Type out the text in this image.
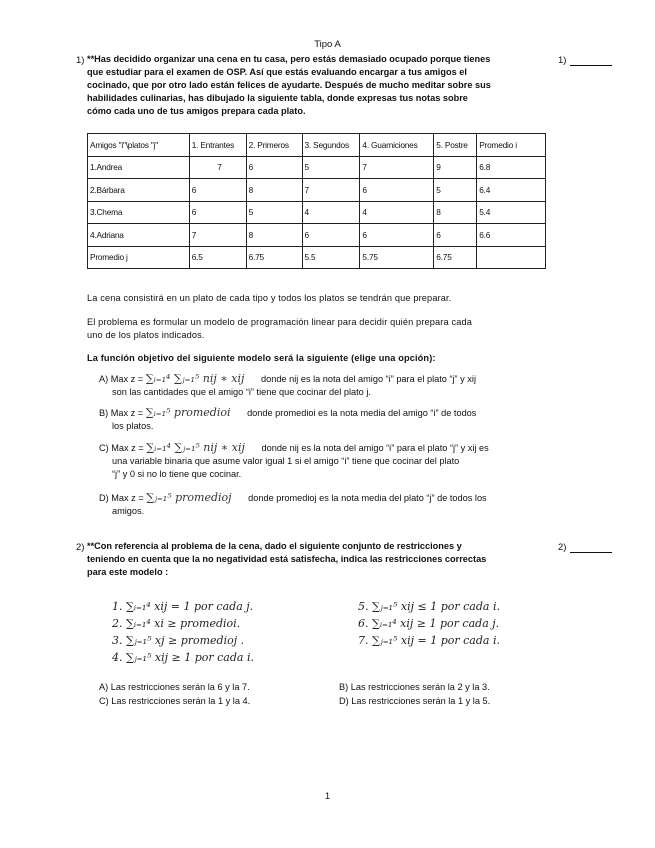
Tipo A
1)	1)
**Has decidido organizar una cena en tu casa, pero estás demasiado ocupado porque tienes
que estudiar para el examen de OSP. Así que estás evaluando encargar a tus amigos el
cocinado, que por otro lado están felices de ayudarte. Después de mucho meditar sobre sus
habilidades culinarias, has dibujado la siguiente tabla, donde expresas tus notas sobre
cómo cada uno de tus amigos prepara cada plato.
Amigos "i"\platos "j"	1. Entrantes	2. Primeros	3. Segundos	4. Guarniciones	5. Postre	Promedio i
1.Andrea	7	6	5	7	9	6.8
2.Bárbara	6	8	7	6	5	6.4
3.Chema	6	5	4	4	8	5.4
4.Adriana	7	8	6	6	6	6.6
Promedio j	6.5	6.75	5.5	5.75	6.75	
La cena consistirá en un plato de cada tipo y todos los platos se tendrán que preparar.
El problema es formular un modelo de programación linear para decidir quién prepara cada
uno de los platos indicados.
La función objetivo del siguiente modelo será la siguiente (elige una opción):
A) Max z = ∑ᵢ₌₁⁴ ∑ⱼ₌₁⁵ nij ∗ xij donde nij es la nota del amigo “i” para el plato “j” y xij
son las cantidades que el amigo “i” tiene que cocinar del plato j.
B) Max z = ∑ᵢ₌₁⁵ promedioi donde promedioi es la nota media del amigo “i” de todos
los platos.
C) Max z = ∑ᵢ₌₁⁴ ∑ⱼ₌₁⁵ nij ∗ xij donde nij es la nota del amigo “i” para el plato “j” y xij es
una variable binaria que asume valor igual 1 si el amigo “i” tiene que cocinar del plato
“j” y 0 si no lo tiene que cocinar.
D) Max z = ∑ⱼ₌₁⁵ promedioj donde promedioj es la nota media del plato “j” de todos los
amigos.
2)	2)
**Con referencia al problema de la cena, dado el siguiente conjunto de restricciones y
teniendo en cuenta que la no negatividad está satisfecha, indica las restricciones correctas
para este modelo :
1. ∑ᵢ₌₁⁴ xij = 1 por cada j.
2. ∑ᵢ₌₁⁴ xi ≥ promedioi.
3. ∑ⱼ₌₁⁵ xj ≥ promedioj .
4. ∑ⱼ₌₁⁵ xij ≥ 1 por cada i.
5. ∑ⱼ₌₁⁵ xij ≤ 1 por cada i.
6. ∑ᵢ₌₁⁴ xij ≥ 1 por cada j.
7. ∑ⱼ₌₁⁵ xij = 1 por cada i.
A) Las restricciones serán la 6 y la 7.	B) Las restricciones serán la 2 y la 3.
C) Las restricciones serán la 1 y la 4.	D) Las restricciones serán la 1 y la 5.
1
